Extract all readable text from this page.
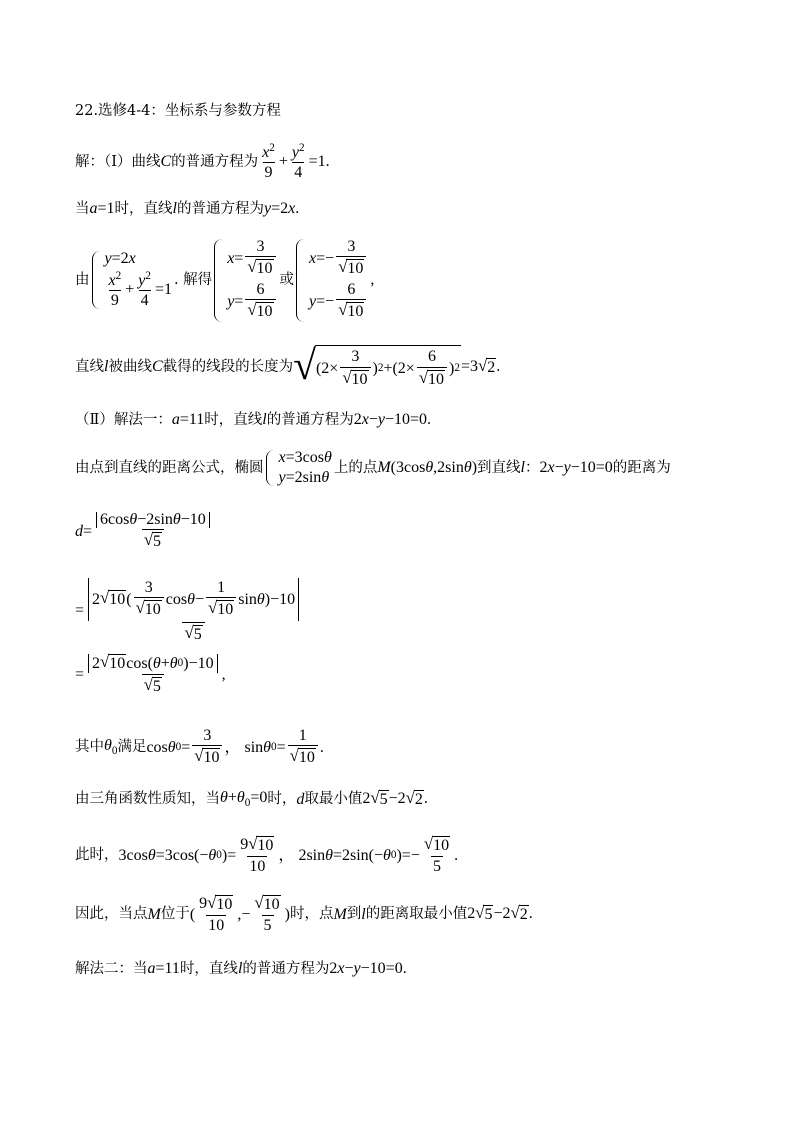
22.选修4-4：坐标系与参数方程
解：（Ⅰ）曲线 C 的普通方程为 $\frac{x^2}{9} + \frac{y^2}{4} =1$.
当 a=1 时，直线 l 的普通方程为 y=2x.
由
y =2 x
$\frac{x^2}{9} + \frac{y^2}{4} =1$
. 解得
$x = \frac{3}{√ 10}$
$y = \frac{6}{√ 10}$
或
$x =- \frac{3}{√ 10}$
$y =- \frac{6}{√ 10}$
,
直线 l 被曲线 C 截得的线段的长度为 √ ($2\times \frac{3}{√ 10}$ ) $2 +(2\times \frac{6}{√ 10}$ ) 2 =3 √ 2 .
（Ⅱ）解法一： a=11 时，直线 l 的普通方程为 2x−y−10=0.
由点到直线的距离公式，椭圆
x =3cos θ
y =2sin θ
上的点 M(3cosθ,2sinθ) 到直线 l ： 2x−y−10=0 的距离为
$d = \frac{\text{6cos θ −2sin θ −10}}{√ 5}$
= $\frac{2 √ 10 ( \frac{3}{√ 10} \cos \theta - \frac{1}{√ 10} \sin \theta )-10}{√ 5}$
= $\frac{2 √ 10 \cos( \theta + \theta 0 )-10}{√ 5}$ ,
其中 $\theta_0$ 满足 cos θ $0 = \frac{3}{√ 10}$ ， sin θ $0 = \frac{1}{√ 10}$ .
由三角函数性质知，当 $\theta+\theta_0=0$ 时， d 取最小值 2 √ 5 −2 √ 2 .
此时， 3cos θ =3cos(− θ 0 )= $\frac{9 √ 10}{10}$ ， 2sin θ =2sin(− θ 0 )=− $\frac{√ 10}{5}$ .
因此，当点 M 位于 ( $\frac{9 √ 10}{10}$ ,− $\frac{√ 10}{5}$ ) 时，点 M 到 l 的距离取最小值 2 √ 5 −2 √ 2 .
解法二：当 a=11 时，直线 l 的普通方程为 2x−y−10=0.
